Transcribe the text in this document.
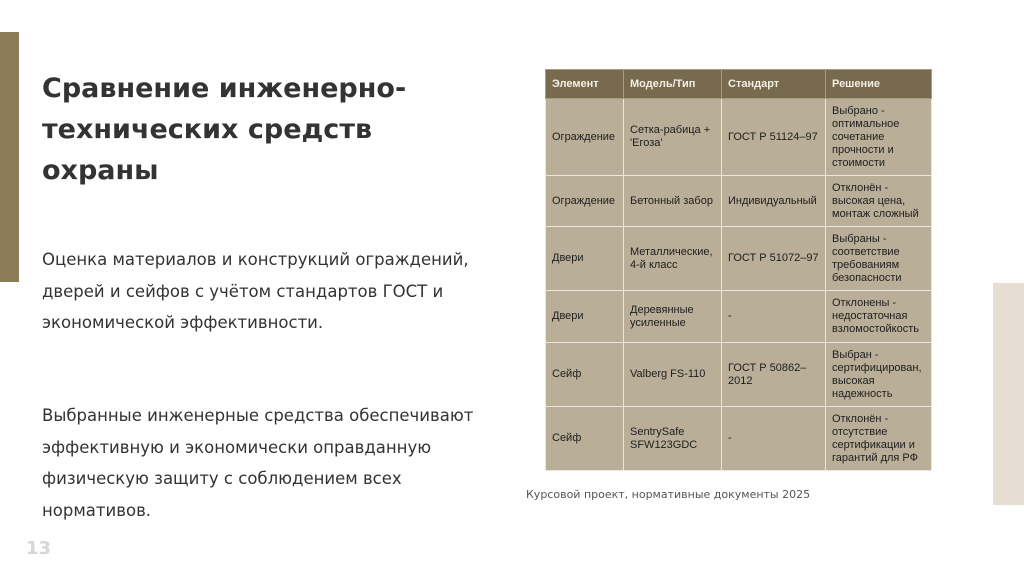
Сравнение инженерно-технических средств охраны

Оценка материалов и конструкций ограждений, дверей и сейфов с учётом стандартов ГОСТ и экономической эффективности.

Выбранные инженерные средства обеспечивают эффективную и экономически оправданную физическую защиту с соблюдением всех нормативов.

13
Элемент	Модель/Тип	Стандарт	Решение
Ограждение	Сетка-рабица + 'Егоза'	ГОСТ Р 51124–97	Выбрано - оптимальное сочетание прочности и стоимости
Ограждение	Бетонный забор	Индивидуальный	Отклонён - высокая цена, монтаж сложный
Двери	Металлические, 4-й класс	ГОСТ Р 51072–97	Выбраны - соответствие требованиям безопасности
Двери	Деревянные усиленные	-	Отклонены - недостаточная взломостойкость
Сейф	Valberg FS-110	ГОСТ Р 50862–2012	Выбран - сертифицирован, высокая надежность
Сейф	SentrySafe SFW123GDC	-	Отклонён - отсутствие сертификации и гарантий для РФ
Курсовой проект, нормативные документы 2025
